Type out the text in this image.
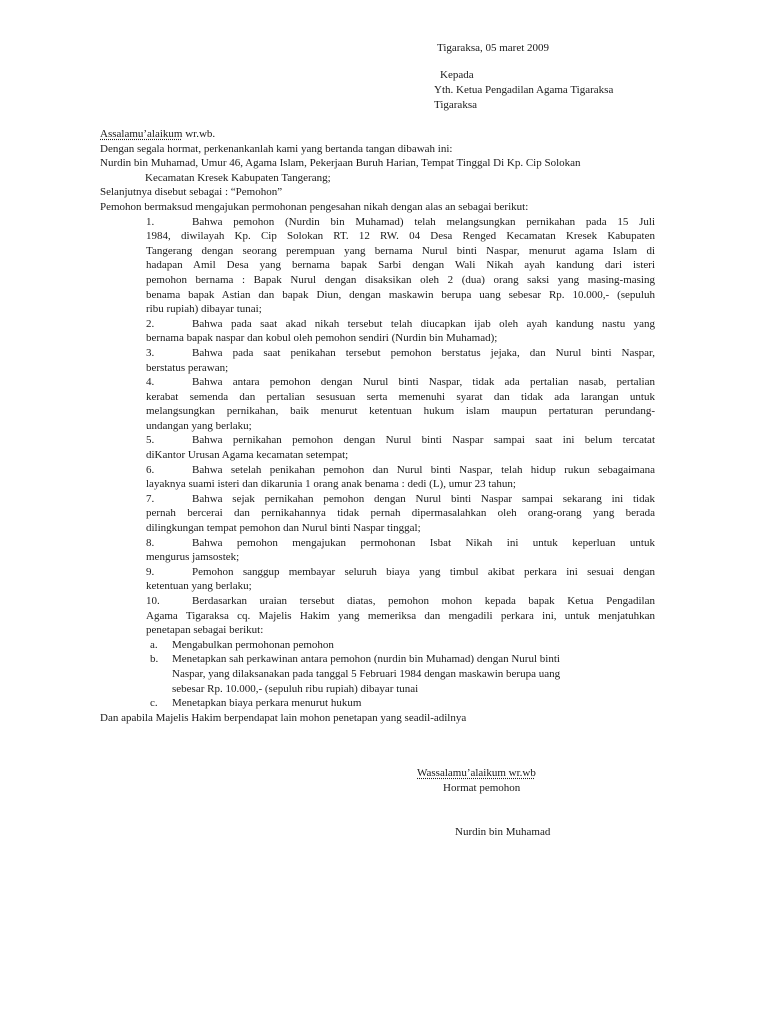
Tigaraksa, 05 maret 2009
Kepada
Yth. Ketua Pengadilan Agama Tigaraksa
Tigaraksa
Assalamu’alaikum wr.wb.
Dengan segala hormat, perkenankanlah kami yang bertanda tangan dibawah ini:
Nurdin bin Muhamad, Umur 46, Agama Islam, Pekerjaan Buruh Harian, Tempat Tinggal Di Kp. Cip Solokan
Kecamatan Kresek Kabupaten Tangerang;
Selanjutnya disebut sebagai : “Pemohon”
Pemohon bermaksud mengajukan permohonan pengesahan nikah dengan alas an sebagai berikut:
1.	Bahwa pemohon (Nurdin bin Muhamad) telah melangsungkan pernikahan pada 15 Juli
1984, diwilayah Kp. Cip Solokan RT. 12 RW. 04 Desa Renged Kecamatan Kresek Kabupaten
Tangerang dengan seorang perempuan yang bernama Nurul binti Naspar, menurut agama Islam di
hadapan Amil Desa yang bernama bapak Sarbi dengan Wali Nikah ayah kandung dari isteri
pemohon bernama : Bapak Nurul dengan disaksikan oleh 2 (dua) orang saksi yang masing-masing
benama bapak Astian dan bapak Diun, dengan maskawin berupa uang sebesar Rp. 10.000,- (sepuluh
ribu rupiah) dibayar tunai;
2.	Bahwa pada saat akad nikah tersebut telah diucapkan ijab oleh ayah kandung nastu yang
bernama bapak naspar dan kobul oleh pemohon sendiri (Nurdin bin Muhamad);
3.	Bahwa pada saat penikahan tersebut pemohon berstatus jejaka, dan Nurul binti Naspar,
berstatus perawan;
4.	Bahwa antara pemohon dengan Nurul binti Naspar, tidak ada pertalian nasab, pertalian
kerabat semenda dan pertalian sesusuan serta memenuhi syarat dan tidak ada larangan untuk
melangsungkan pernikahan, baik menurut ketentuan hukum islam maupun pertaturan perundang-
undangan yang berlaku;
5.	Bahwa pernikahan pemohon dengan Nurul binti Naspar sampai saat ini belum tercatat
diKantor Urusan Agama kecamatan setempat;
6.	Bahwa setelah penikahan pemohon dan Nurul binti Naspar, telah hidup rukun sebagaimana
layaknya suami isteri dan dikarunia 1 orang anak benama : dedi (L), umur 23 tahun;
7.	Bahwa sejak pernikahan pemohon dengan Nurul binti Naspar sampai sekarang ini tidak
pernah bercerai dan pernikahannya tidak pernah dipermasalahkan oleh orang-orang yang berada
dilingkungan tempat pemohon dan Nurul binti Naspar tinggal;
8.	Bahwa pemohon mengajukan permohonan Isbat Nikah ini untuk keperluan untuk
mengurus jamsostek;
9.	Pemohon sanggup membayar seluruh biaya yang timbul akibat perkara ini sesuai dengan
ketentuan yang berlaku;
10.	Berdasarkan uraian tersebut diatas, pemohon mohon kepada bapak Ketua Pengadilan
Agama Tigaraksa cq. Majelis Hakim yang memeriksa dan mengadili perkara ini, untuk menjatuhkan
penetapan sebagai berikut:
a. Mengabulkan permohonan pemohon
b. Menetapkan sah perkawinan antara pemohon (nurdin bin Muhamad) dengan Nurul binti
Naspar, yang dilaksanakan pada tanggal 5 Februari 1984 dengan maskawin berupa uang
sebesar Rp. 10.000,- (sepuluh ribu rupiah) dibayar tunai
c. Menetapkan biaya perkara menurut hukum
Dan apabila Majelis Hakim berpendapat lain mohon penetapan yang seadil-adilnya
Wassalamu’alaikum wr.wb
Hormat pemohon
Nurdin bin Muhamad
